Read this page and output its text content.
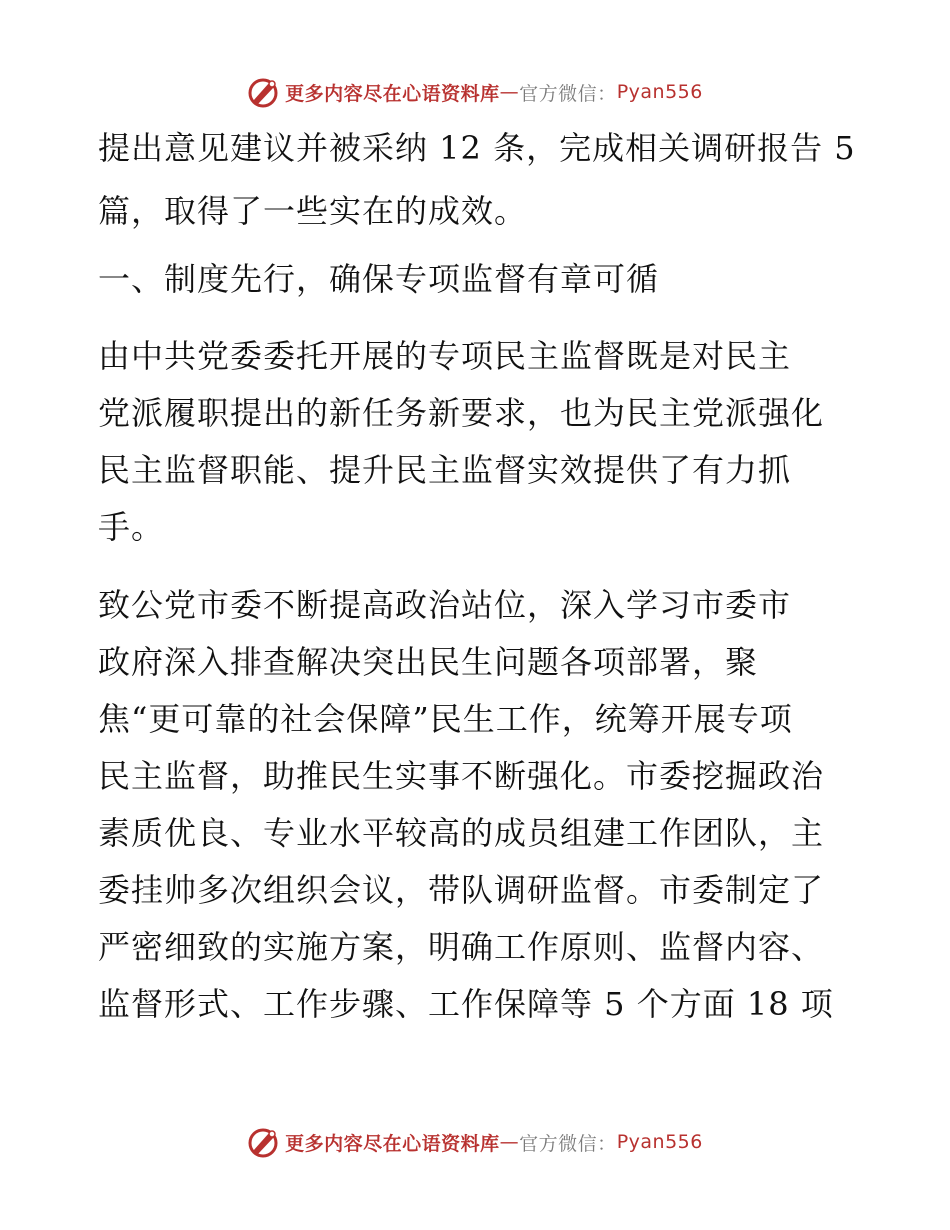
更多内容尽在心语资料库 — 官方微信： Pyan556
提出意见建议并被采纳 12 条，完成相关调研报告 5
篇，取得了一些实在的成效。
一、制度先行，确保专项监督有章可循
由中共党委委托开展的专项民主监督既是对民主
党派履职提出的新任务新要求，也为民主党派强化
民主监督职能、提升民主监督实效提供了有力抓
手。
致公党市委不断提高政治站位，深入学习市委市
政府深入排查解决突出民生问题各项部署，聚
焦“更可靠的社会保障”民生工作，统筹开展专项
民主监督，助推民生实事不断强化。市委挖掘政治
素质优良、专业水平较高的成员组建工作团队，主
委挂帅多次组织会议，带队调研监督。市委制定了
严密细致的实施方案，明确工作原则、监督内容、
监督形式、工作步骤、工作保障等 5 个方面 18 项
更多内容尽在心语资料库 — 官方微信： Pyan556
